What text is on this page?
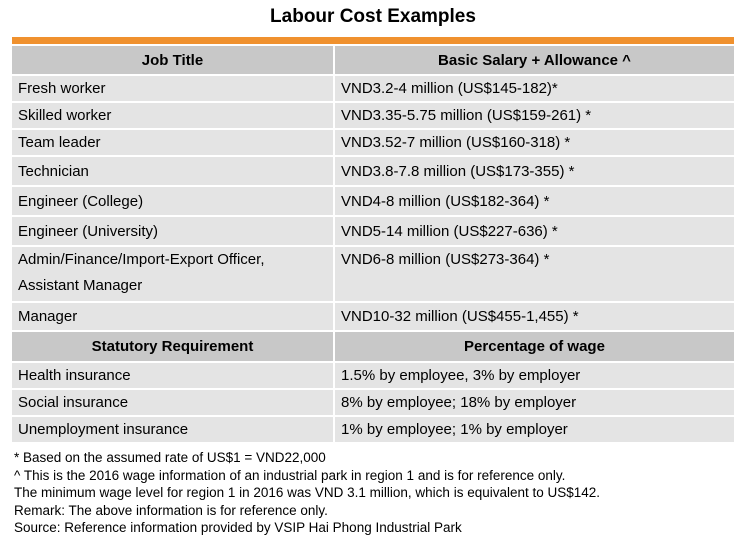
Labour Cost Examples
Job Title	Basic Salary + Allowance ^
Fresh worker	VND3.2-4 million (US$145-182)*
Skilled worker	VND3.35-5.75 million (US$159-261) *
Team leader	VND3.52-7 million (US$160-318) *
Technician	VND3.8-7.8 million (US$173-355) *
Engineer (College)	VND4-8 million (US$182-364) *
Engineer (University)	VND5-14 million (US$227-636) *
Admin/Finance/Import-Export Officer, Assistant Manager	VND6-8 million (US$273-364) *
Manager	VND10-32 million (US$455-1,455) *
Statutory Requirement	Percentage of wage
Health insurance	1.5% by employee, 3% by employer
Social insurance	8% by employee; 18% by employer
Unemployment insurance	1% by employee; 1% by employer
* Based on the assumed rate of US$1 = VND22,000
^ This is the 2016 wage information of an industrial park in region 1 and is for reference only.
The minimum wage level for region 1 in 2016 was VND 3.1 million, which is equivalent to US$142.
Remark: The above information is for reference only.
Source: Reference information provided by VSIP Hai Phong Industrial Park
